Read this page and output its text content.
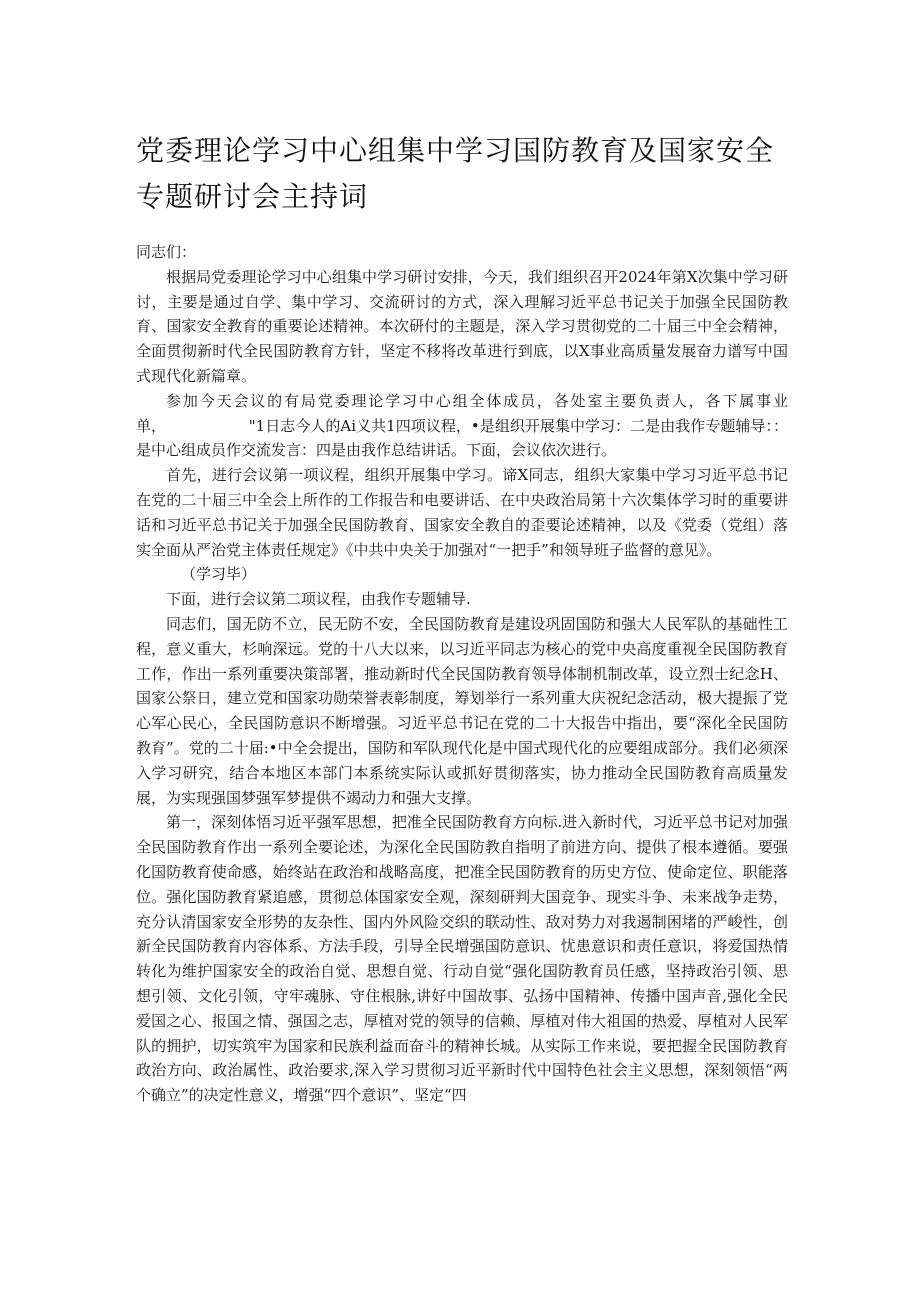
党委理论学习中心组集中学习国防教育及国家安全专题研讨会主持词

同志们：

根据局党委理论学习中心组集中学习研讨安排，今天，我们组织召开2024年第X次集中学习研讨，主要是通过自学、集中学习、交流研讨的方式，深入理解习近平总书记关于加强全民国防教育、国家安全教育的重要论述精神。本次研付的主题是，深入学习贯彻党的二十届三中全会精神，全面贯彻新时代全民国防教育方针，坚定不移将改革进行到底，以X事业高质量发展奋力谱写中国式现代化新篇章。

参加今天会议的有局党委理论学习中心组全体成员，各处室主要负责人，各下属事业单，　　　　　　"1日志今人的Ai义共1四项议程，•是组织开展集中学习：二是由我作专题辅导：：是中心组成员作交流发言：四是由我作总结讲话。下面，会议依次进行。

首先，进行会议第一项议程，组织开展集中学习。谛X同志，组织大家集中学习习近平总书记在党的二十届三中全会上所作的工作报告和电要讲话、在中央政治局第十六次集体学习时的重要讲话和习近平总书记关于加强全民国防教育、国家安全教自的歪要论述精神，以及《党委（党组）落实全面从严治党主体责任规定》《中共中央关于加强对“一把手”和领导班子监督的意见》。

（学习毕）

下面，进行会议第二项议程，由我作专题辅导.

同志们，国无防不立，民无防不安，全民国防教育是建设巩固国防和强大人民军队的基础性工程，意义重大，杉响深远。党的十八大以来，以习近平同志为核心的党中央高度重视全民国防教育工作，作出一系列重要决策部署，推动新时代全民国防教育领导体制机制改革，设立烈士纪念H、国家公祭日，建立党和国家功勋荣誉表彰制度，筹划举行一系列重大庆祝纪念活动，极大提振了党心军心民心，全民国防意识不断增强。习近平总书记在党的二十大报告中指出，要“深化全民国防教育”。党的二十届:•中全会提出，国防和军队现代化是中国式现代化的应要组成部分。我们必须深入学习研究，结合本地区本部门本系统实际认或抓好贯彻落实，协力推动全民国防教育高质量发展，为实现强国梦强军梦提供不竭动力和强大支撑。

第一，深刻体悟习近平强军思想，把准全民国防教育方向标.进入新时代，习近平总书记对加强全民国防教育作出一系列全要论述，为深化全民国防教自指明了前进方向、提供了根本遵循。要强化国防教育使命感，始终站在政治和战略高度，把准全民国防教育的历史方位、使命定位、职能落位。强化国防教育紧追感，贯彻总体国家安全观，深刻研判大国竞争、现实斗争、未来战争走势，充分认清国家安全形势的友杂性、国内外风险交织的联动性、敌对势力对我遏制困堵的严峻性，创新全民国防教育内容体系、方法手段，引导全民增强国防意识、忧患意识和责任意识，将爱国热情转化为维护国家安全的政治自觉、思想自觉、行动自觉“强化国防教育员任感，坚持政治引领、思想引领、文化引领，守牢魂脉、守住根脉,讲好中国故事、弘扬中国精神、传播中国声音,强化全民爱国之心、报国之情、强国之志，厚植对党的领导的信赖、厚植对伟大祖国的热爱、厚植对人民军队的拥护，切实筑牢为国家和民族利益而奋斗的精神长城。从实际工作来说，要把握全民国防教育政治方向、政治属性、政治要求,深入学习贯彻习近平新时代中国特色社会主义思想，深刻领悟“两个确立”的决定性意义，增强“四个意识”、坚定“四
